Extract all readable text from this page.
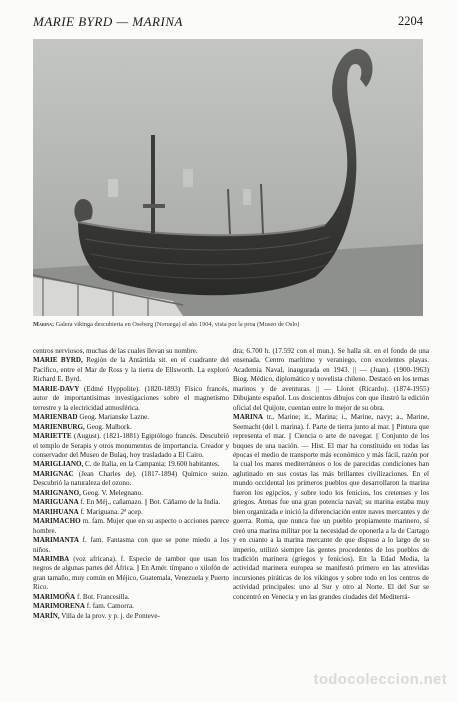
MARIE BYRD — MARINA	2204
Marina: Galera vikinga descubierta en Oseberg (Noruega) el año 1904, vista por la proa (Museo de Oslo)

centros nerviosos, muchas de las cuales llevan su nombre.

MARIE BYRD, Región de la Antártida sit. en el cuadrante del Pacífico, entre el Mar de Ross y la tierra de Ellsworth. La exploró Richard E. Byrd.

MARIE-DAVY (Edmé Hyppolite). (1820-1893) Físico francés, autor de importantísimas investigaciones sobre el magnetismo terrestre y la electricidad atmosférica.

MARIENBAD Geog. Marianske Lazne.

MARIENBURG, Geog. Malbork.

MARIETTE (August). (1821-1881) Egiptólogo francés. Descubrió el templo de Serapis y otros monumentos de importancia. Creador y conservador del Museo de Bulaq, hoy trasladado a El Cairo.

MARIGLIANO, C. de Italia, en la Campania; 19.600 habitantes.

MARIGNAC (Jean Charles de). (1817-1894) Químico suizo. Descubrió la naturaleza del ozono.

MARIGNANO, Geog. V. Melegnano.

MARIGUANA f. En Méj., cañamazo. || Bot. Cáñamo de la India.

MARIHUANA f. Mariguana. 2ª acep.

MARIMACHO m. fam. Mujer que en su aspecto o acciones parece hombre.

MARIMANTA f. fam. Fantasma con que se pone miedo a los niños.

MARIMBA (voz africana). f. Especie de tambor que usan los negros de algunas partes del África. || En Amér. tímpano o xilofón de gran tamaño, muy común en Méjico, Guatemala, Venezuela y Puerto Rico.

MARIMOÑA f. Bot. Francesilla.

MARIMORENA f. fam. Camorra.

MARÍN, Villa de la prov. y p. j. de Ponteve-

dra; 6.700 h. (17.592 con el mun.). Se halla sit. en el fondo de una ensenada. Centro marítimo y veraniego, con excelentes playas. Academia Naval, inaugurada en 1943. || — (Juan). (1900-1963) Biog. Médico, diplomático y novelista chileno. Destacó en los temas marinos y de aventuras. || — Lloret (Ricardo). (1874-1955) Dibujante español. Los doscientos dibujos con que ilustró la edición oficial del Quijote, cuentan entre lo mejor de su obra.

MARINA tr., Marine; it., Marina; i., Marine, navy; a., Marine, Seemacht (del l. marina). f. Parte de tierra junto al mar. || Pintura que representa el mar. || Ciencia o arte de navegar. || Conjunto de los buques de una nación. — Hist. El mar ha constituido en todas las épocas el medio de transporte más económico y más fácil, razón por la cual los mares mediterráneos o los de parecidas condiciones han aglutinado en sus costas las más brillantes civilizaciones. En el mundo occidental los primeros pueblos que desarrollaron la marina fueron los egipcios, y sobre todo los fenicios, los cretenses y los griegos. Atenas fue una gran potencia naval; su marina estaba muy bien organizada e inició la diferenciación entre naves mercantes y de guerra. Roma, que nunca fue un pueblo propiamente marinero, sí creó una marina militar por la necesidad de oponerla a la de Cartago y en cuanto a la marina mercante de que dispuso a lo largo de su imperio, utilizó siempre las gentes procedentes de los pueblos de tradición marinera (griegos y fenicios). En la Edad Media, la actividad marinera europea se manifestó primero en las atrevidas incursiones piráticas de los vikingos y sobre todo en los centros de actividad principales: uno al Sur y otro al Norte. El del Sur se concentró en Venecia y en las grandes ciudades del Mediterrá-

todocoleccion.net
